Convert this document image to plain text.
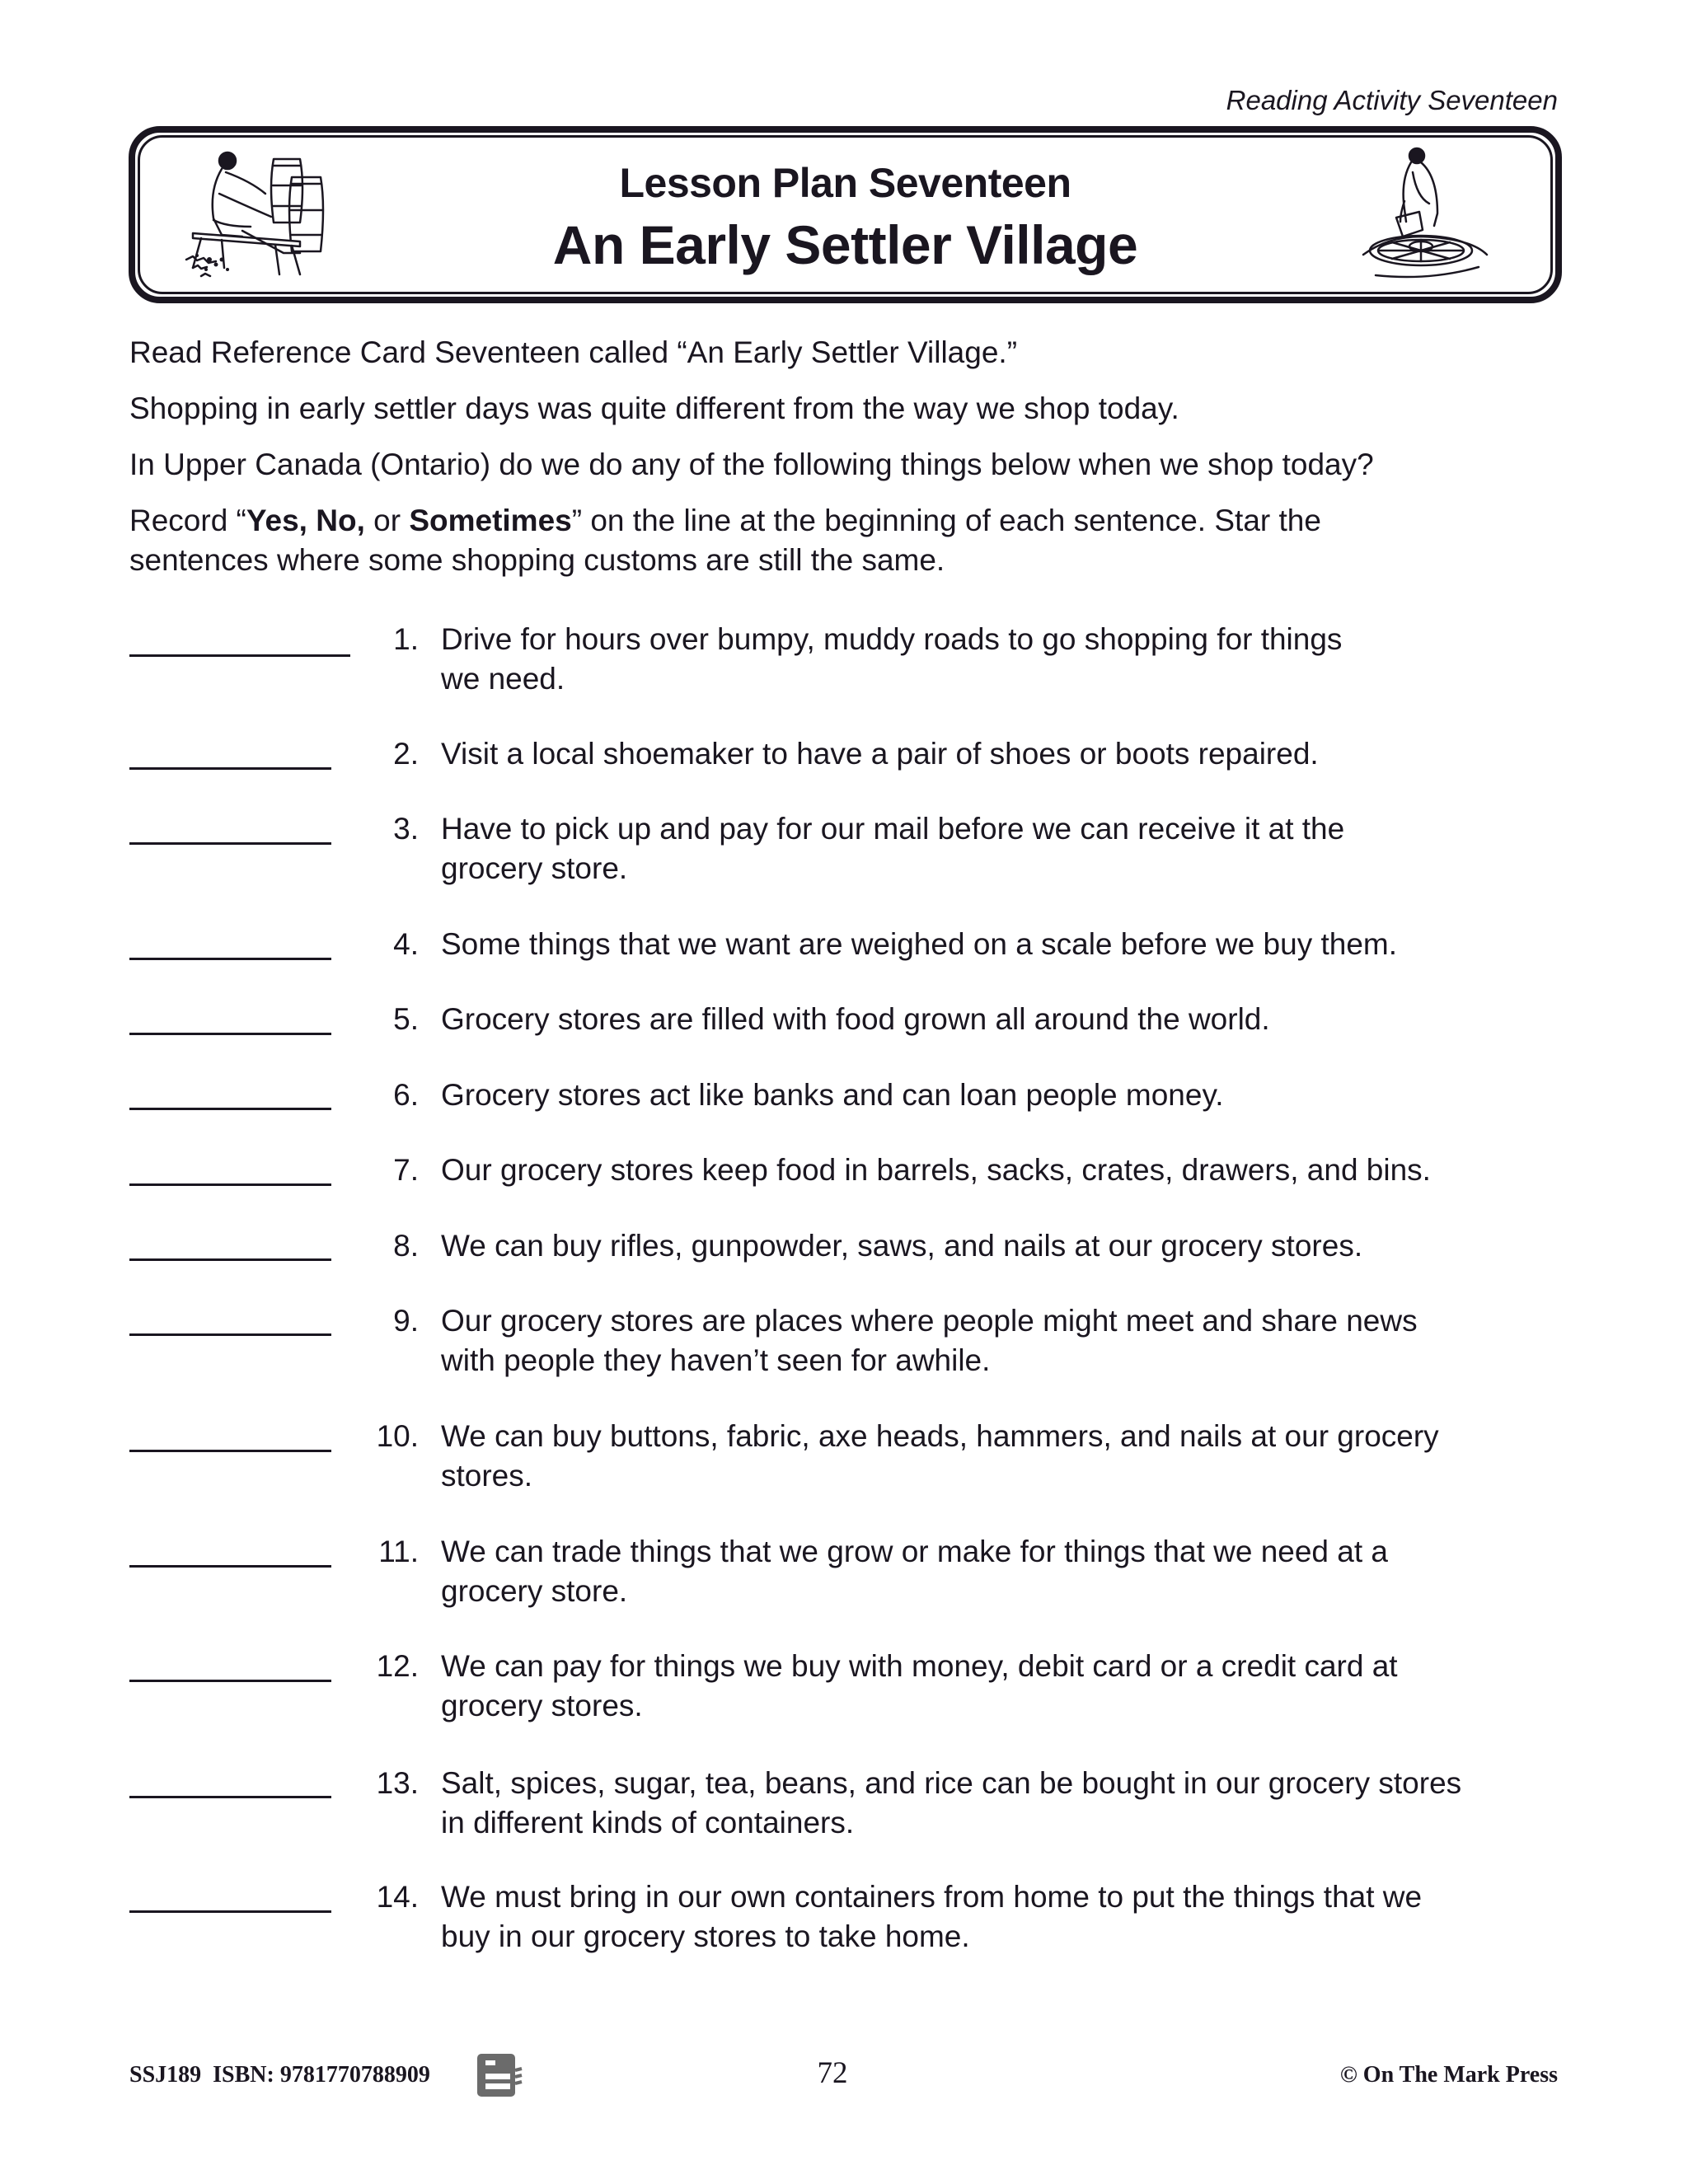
Reading Activity Seventeen
Lesson Plan Seventeen
An Early Settler Village
Read Reference Card Seventeen called “An Early Settler Village.”
Shopping in early settler days was quite different from the way we shop today.
In Upper Canada (Ontario) do we do any of the following things below when we shop today?
Record “Yes, No, or Sometimes” on the line at the beginning of each sentence. Star the
sentences where some shopping customs are still the same.
1. Drive for hours over bumpy, muddy roads to go shopping for things
we need.
2. Visit a local shoemaker to have a pair of shoes or boots repaired.
3. Have to pick up and pay for our mail before we can receive it at the
grocery store.
4. Some things that we want are weighed on a scale before we buy them.
5. Grocery stores are filled with food grown all around the world.
6. Grocery stores act like banks and can loan people money.
7. Our grocery stores keep food in barrels, sacks, crates, drawers, and bins.
8. We can buy rifles, gunpowder, saws, and nails at our grocery stores.
9. Our grocery stores are places where people might meet and share news
with people they haven’t seen for awhile.
10. We can buy buttons, fabric, axe heads, hammers, and nails at our grocery
stores.
11. We can trade things that we grow or make for things that we need at a
grocery store.
12. We can pay for things we buy with money, debit card or a credit card at
grocery stores.
13. Salt, spices, sugar, tea, beans, and rice can be bought in our grocery stores
in different kinds of containers.
14. We must bring in our own containers from home to put the things that we
buy in our grocery stores to take home.
SSJ189 ISBN: 9781770788909	72	© On The Mark Press
